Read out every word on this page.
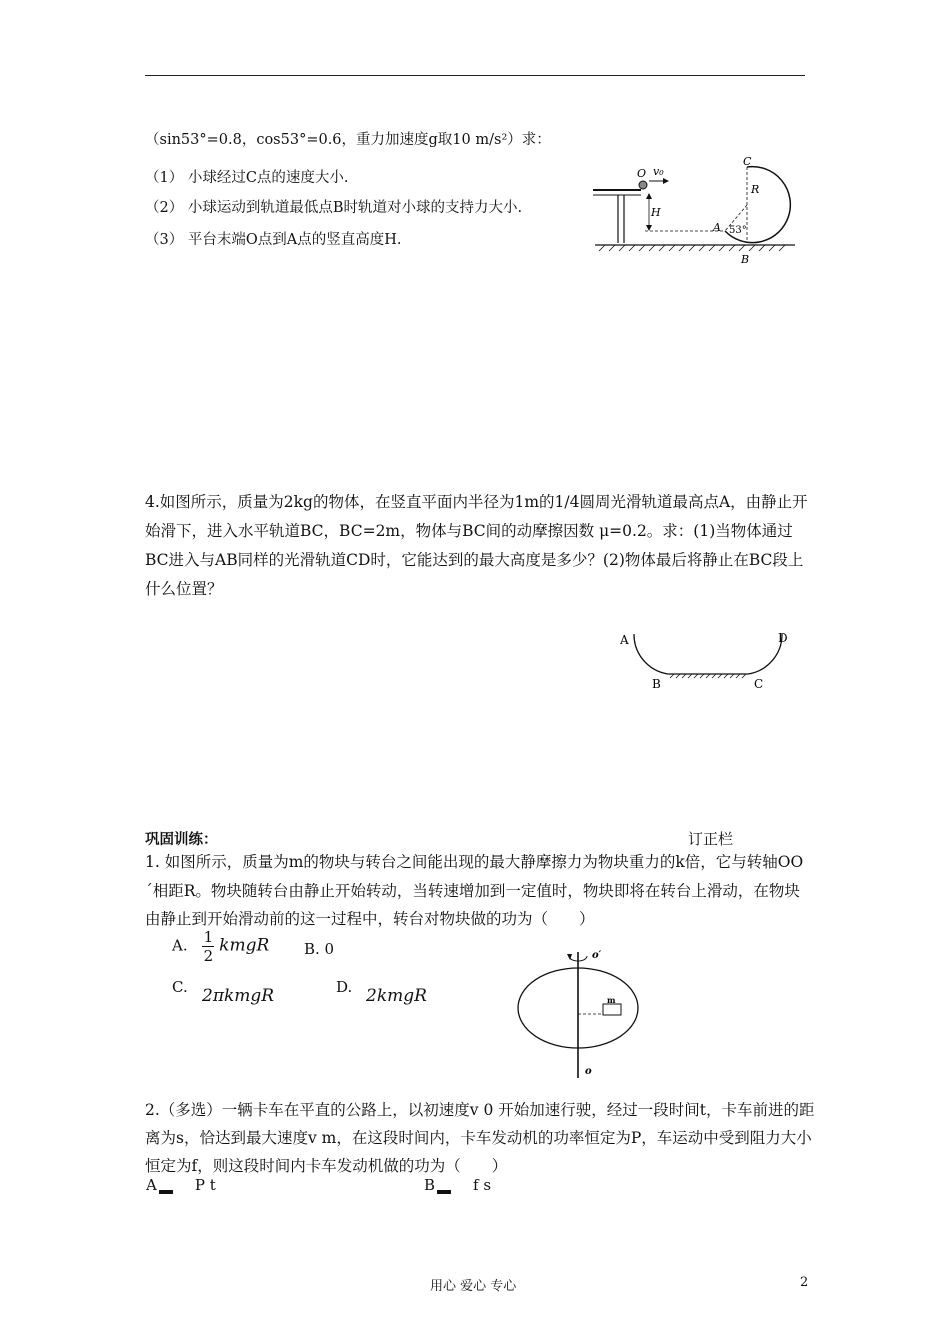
（sin53°=0.8，cos53°=0.6，重力加速度g取10 m/s²）求：
（1） 小球经过C点的速度大小.
（2） 小球运动到轨道最低点B时轨道对小球的支持力大小.
（3） 平台末端O点到A点的竖直高度H.
O v₀
H
A 53°
R
C
B
4.如图所示，质量为2kg的物体，在竖直平面内半径为1m的1/4圆周光滑轨道最高点A，由静止开始滑下，进入水平轨道BC，BC=2m，物体与BC间的动摩擦因数 μ=0.2。求：(1)当物体通过BC进入与AB同样的光滑轨道CD时，它能达到的最大高度是多少？(2)物体最后将静止在BC段上什么位置？
A
B	C
D
巩固训练：	订正栏
1. 如图所示，质量为m的物块与转台之间能出现的最大静摩擦力为物块重力的k倍，它与转轴OO´相距R。物块随转台由静止开始转动，当转速增加到一定值时，物块即将在转台上滑动，在物块由静止到开始滑动前的这一过程中，转台对物块做的功为（　　）
A. $\frac{1}{2}$ kmgR B. 0
C. 2πkmgR	D. 2kmgR
o′
m
o
2.（多选）一辆卡车在平直的公路上，以初速度v 0 开始加速行驶，经过一段时间t，卡车前进的距离为s，恰达到最大速度v m，在这段时间内，卡车发动机的功率恒定为P，车运动中受到阻力大小恒定为f，则这段时间内卡车发动机做的功为（　　）
A	P t	B	f s
用心 爱心 专心	2
